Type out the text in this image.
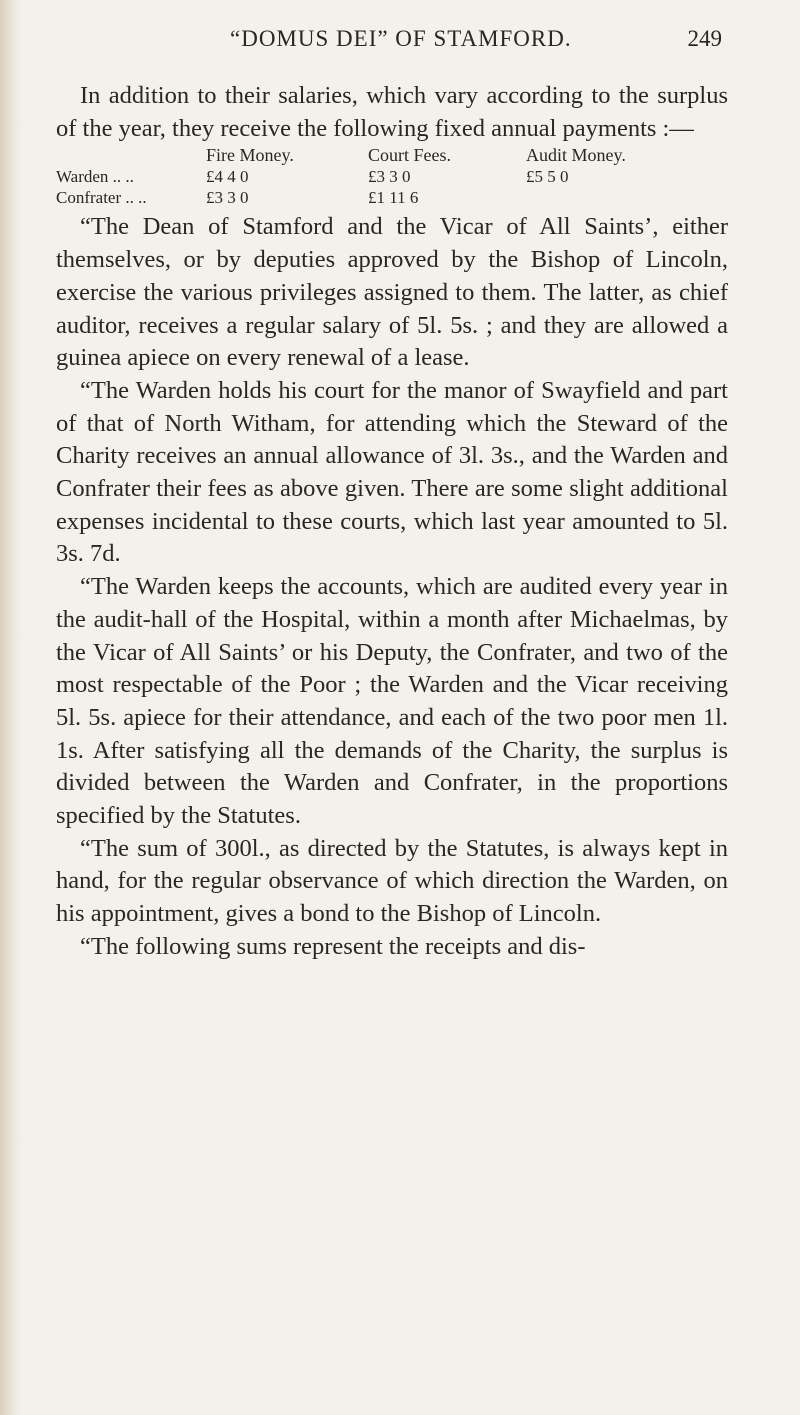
“DOMUS DEI” OF STAMFORD.	249

In addition to their salaries, which vary according to the surplus of the year, they receive the following fixed annual payments :—

	Fire Money.	Court Fees.	Audit Money.
Warden .. ..	£4 4 0	£3 3 0	£5 5 0
Confrater .. ..	£3 3 0	£1 11 6	

“The Dean of Stamford and the Vicar of All Saints’, either themselves, or by deputies approved by the Bishop of Lincoln, exercise the various privileges assigned to them. The latter, as chief auditor, receives a regular salary of 5l. 5s. ; and they are allowed a guinea apiece on every renewal of a lease.

“The Warden holds his court for the manor of Swayfield and part of that of North Witham, for attending which the Steward of the Charity receives an annual allowance of 3l. 3s., and the Warden and Confrater their fees as above given. There are some slight additional expenses incidental to these courts, which last year amounted to 5l. 3s. 7d.

“The Warden keeps the accounts, which are audited every year in the audit-hall of the Hospital, within a month after Michaelmas, by the Vicar of All Saints’ or his Deputy, the Confrater, and two of the most respectable of the Poor ; the Warden and the Vicar receiving 5l. 5s. apiece for their attendance, and each of the two poor men 1l. 1s. After satisfying all the demands of the Charity, the surplus is divided between the Warden and Confrater, in the proportions specified by the Statutes.

“The sum of 300l., as directed by the Statutes, is always kept in hand, for the regular observance of which direction the Warden, on his appointment, gives a bond to the Bishop of Lincoln.

“The following sums represent the receipts and dis-
